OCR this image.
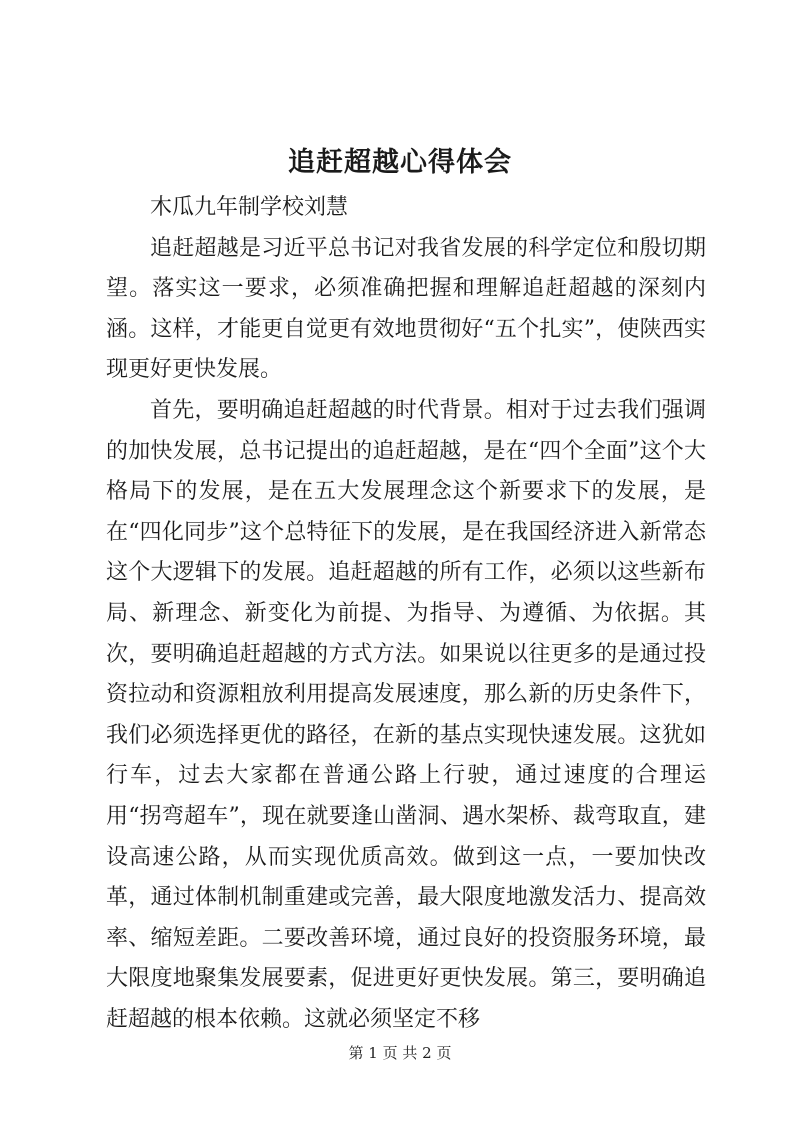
追赶超越心得体会

木瓜九年制学校刘慧

追赶超越是习近平总书记对我省发展的科学定位和殷切期望。落实这一要求，必须准确把握和理解追赶超越的深刻内涵。这样，才能更自觉更有效地贯彻好“五个扎实”，使陕西实现更好更快发展。

首先，要明确追赶超越的时代背景。相对于过去我们强调的加快发展，总书记提出的追赶超越，是在“四个全面”这个大格局下的发展，是在五大发展理念这个新要求下的发展，是在“四化同步”这个总特征下的发展，是在我国经济进入新常态这个大逻辑下的发展。追赶超越的所有工作，必须以这些新布局、新理念、新变化为前提、为指导、为遵循、为依据。其次，要明确追赶超越的方式方法。如果说以往更多的是通过投资拉动和资源粗放利用提高发展速度，那么新的历史条件下，我们必须选择更优的路径，在新的基点实现快速发展。这犹如行车，过去大家都在普通公路上行驶，通过速度的合理运用“拐弯超车”，现在就要逢山凿洞、遇水架桥、裁弯取直，建设高速公路，从而实现优质高效。做到这一点，一要加快改革，通过体制机制重建或完善，最大限度地激发活力、提高效率、缩短差距。二要改善环境，通过良好的投资服务环境，最大限度地聚集发展要素，促进更好更快发展。第三，要明确追赶超越的根本依赖。这就必须坚定不移

第 1 页 共 2 页
